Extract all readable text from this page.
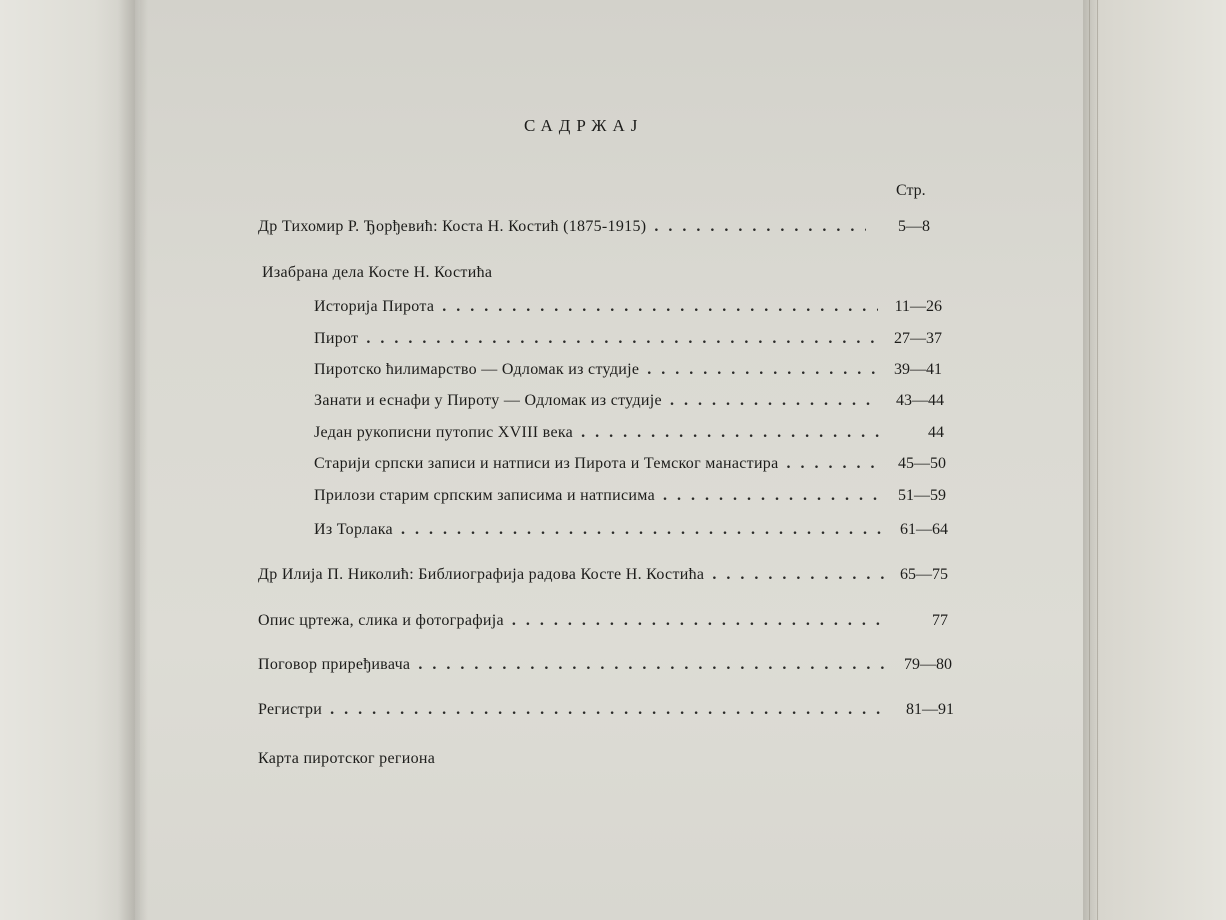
САДРЖАЈ
Стр.
Др Тихомир Р. Ђорђевић: Коста Н. Костић (1875-1915) . . .	5—8
Изабрана дела Косте Н. Костића
Историја Пирота . . .	11—26
Пирот . . .	27—37
Пиротско ћилимарство — Одломак из студије . . .	39—41
Занати и еснафи у Пироту — Одломак из студије . . .	43—44
Један рукописни путопис XVIII века . . .	44
Старији српски записи и натписи из Пирота и Темског манастира . . .	45—50
Прилози старим српским записима и натписима . . .	51—59
Из Торлака . . .	61—64
Др Илија П. Николић: Библиографија радова Косте Н. Костића . . .	65—75
Опис цртежа, слика и фотографија . . .	77
Поговор приређивача . . .	79—80
Регистри . . .	81—91
Карта пиротског региона
